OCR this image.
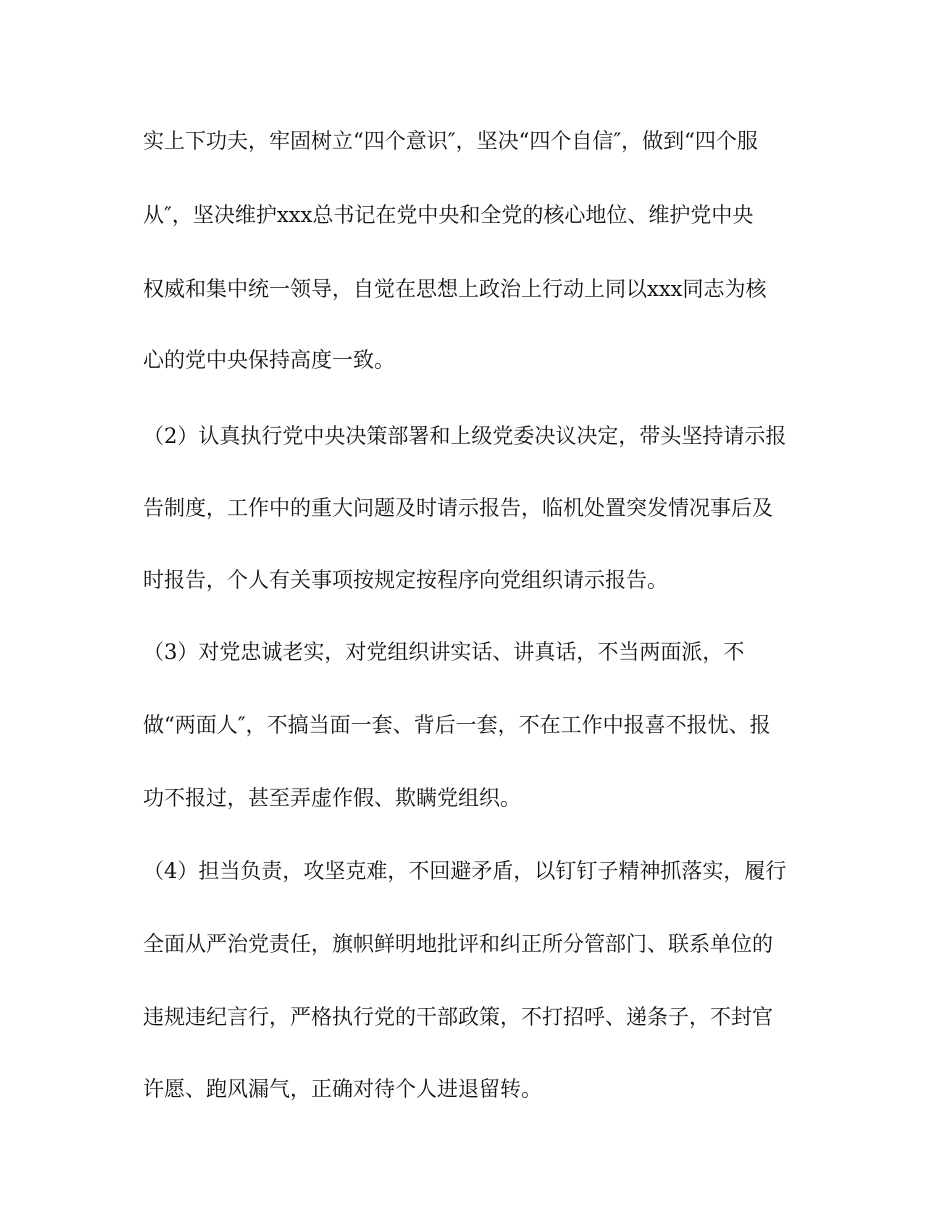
实上下功夫，牢固树立“四个意识″，坚决“四个自信″，做到“四个服
从″，坚决维护xxx总书记在党中央和全党的核心地位、维护党中央
权威和集中统一领导，自觉在思想上政治上行动上同以xxx同志为核
心的党中央保持高度一致。
（2）认真执行党中央决策部署和上级党委决议决定，带头坚持请示报
告制度，工作中的重大问题及时请示报告，临机处置突发情况事后及
时报告，个人有关事项按规定按程序向党组织请示报告。
（3）对党忠诚老实，对党组织讲实话、讲真话，不当两面派，不
做“两面人″，不搞当面一套、背后一套，不在工作中报喜不报忧、报
功不报过，甚至弄虚作假、欺瞒党组织。
（4）担当负责，攻坚克难，不回避矛盾，以钉钉子精神抓落实，履行
全面从严治党责任，旗帜鲜明地批评和纠正所分管部门、联系单位的
违规违纪言行，严格执行党的干部政策，不打招呼、递条子，不封官
许愿、跑风漏气，正确对待个人进退留转。
